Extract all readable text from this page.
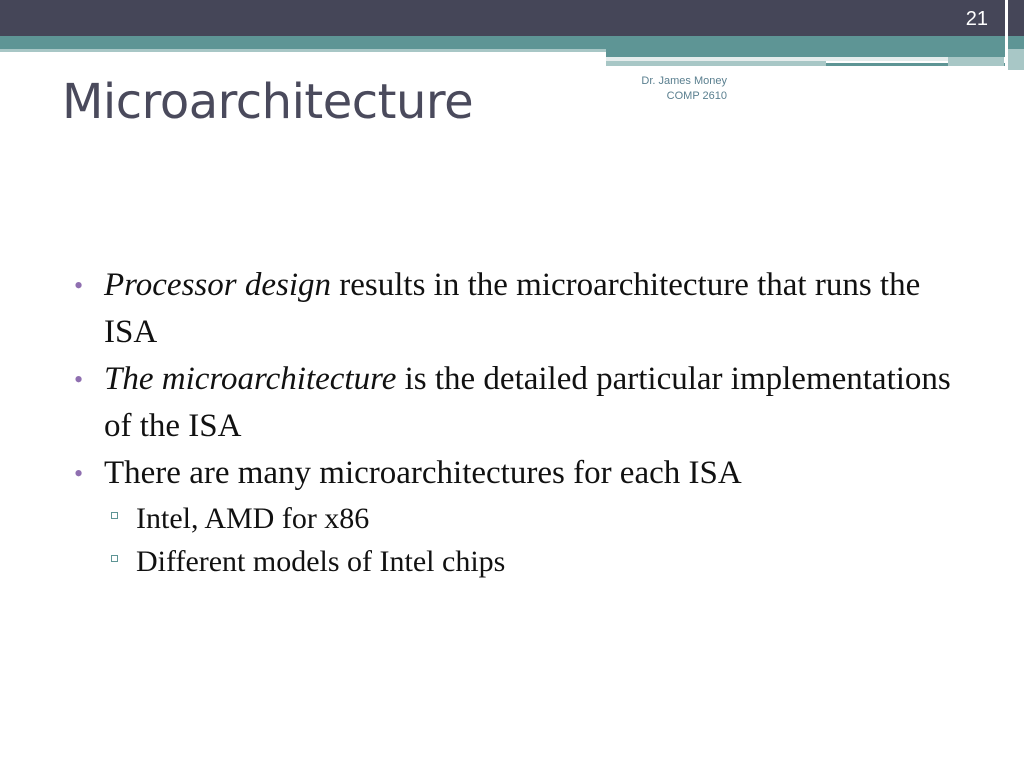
21
Microarchitecture	Dr. James Money
COMP 2610
• Processor design results in the microarchitecture that runs the ISA
• The microarchitecture is the detailed particular implementations of the ISA
• There are many microarchitectures for each ISA
Intel, AMD for x86
Different models of Intel chips
